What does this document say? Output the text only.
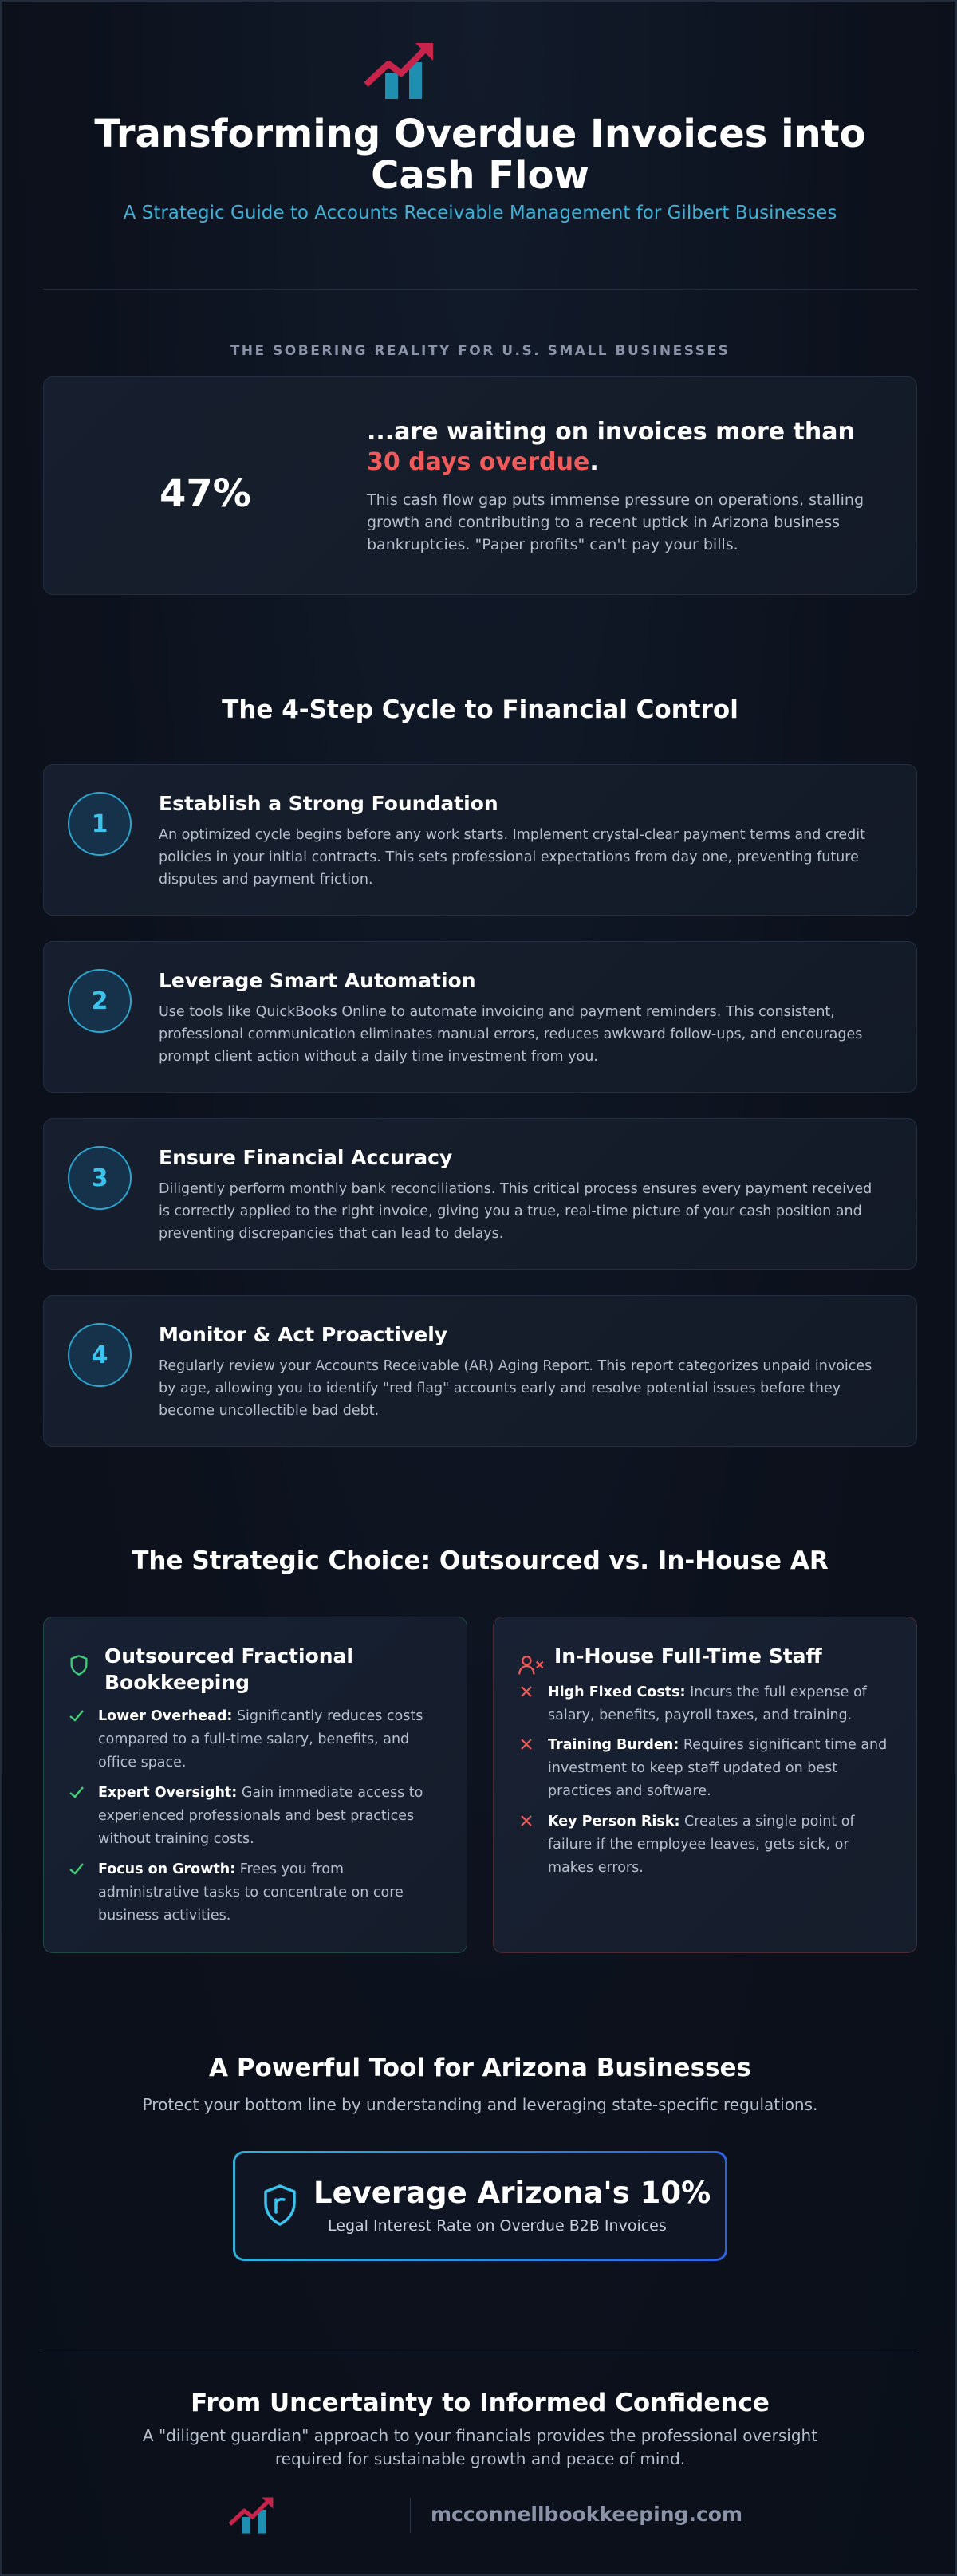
Transforming Overdue Invoices into Cash Flow
A Strategic Guide to Accounts Receivable Management for Gilbert Businesses
THE SOBERING REALITY FOR U.S. SMALL BUSINESSES
47%
...are waiting on invoices more than 30 days overdue.
This cash flow gap puts immense pressure on operations, stalling growth and contributing to a recent uptick in Arizona business bankruptcies. "Paper profits" can't pay your bills.
The 4-Step Cycle to Financial Control
1
Establish a Strong Foundation
An optimized cycle begins before any work starts. Implement crystal-clear payment terms and credit policies in your initial contracts. This sets professional expectations from day one, preventing future disputes and payment friction.
2
Leverage Smart Automation
Use tools like QuickBooks Online to automate invoicing and payment reminders. This consistent, professional communication eliminates manual errors, reduces awkward follow-ups, and encourages prompt client action without a daily time investment from you.
3
Ensure Financial Accuracy
Diligently perform monthly bank reconciliations. This critical process ensures every payment received is correctly applied to the right invoice, giving you a true, real-time picture of your cash position and preventing discrepancies that can lead to delays.
4
Monitor & Act Proactively
Regularly review your Accounts Receivable (AR) Aging Report. This report categorizes unpaid invoices by age, allowing you to identify "red flag" accounts early and resolve potential issues before they become uncollectible bad debt.
The Strategic Choice: Outsourced vs. In-House AR
Outsourced Fractional Bookkeeping
Lower Overhead: Significantly reduces costs compared to a full-time salary, benefits, and office space.
Expert Oversight: Gain immediate access to experienced professionals and best practices without training costs.
Focus on Growth: Frees you from administrative tasks to concentrate on core business activities.
In-House Full-Time Staff
High Fixed Costs: Incurs the full expense of salary, benefits, payroll taxes, and training.
Training Burden: Requires significant time and investment to keep staff updated on best practices and software.
Key Person Risk: Creates a single point of failure if the employee leaves, gets sick, or makes errors.
A Powerful Tool for Arizona Businesses
Protect your bottom line by understanding and leveraging state-specific regulations.
Leverage Arizona's 10%
Legal Interest Rate on Overdue B2B Invoices
From Uncertainty to Informed Confidence
A "diligent guardian" approach to your financials provides the professional oversight required for sustainable growth and peace of mind.
mcconnellbookkeeping.com
